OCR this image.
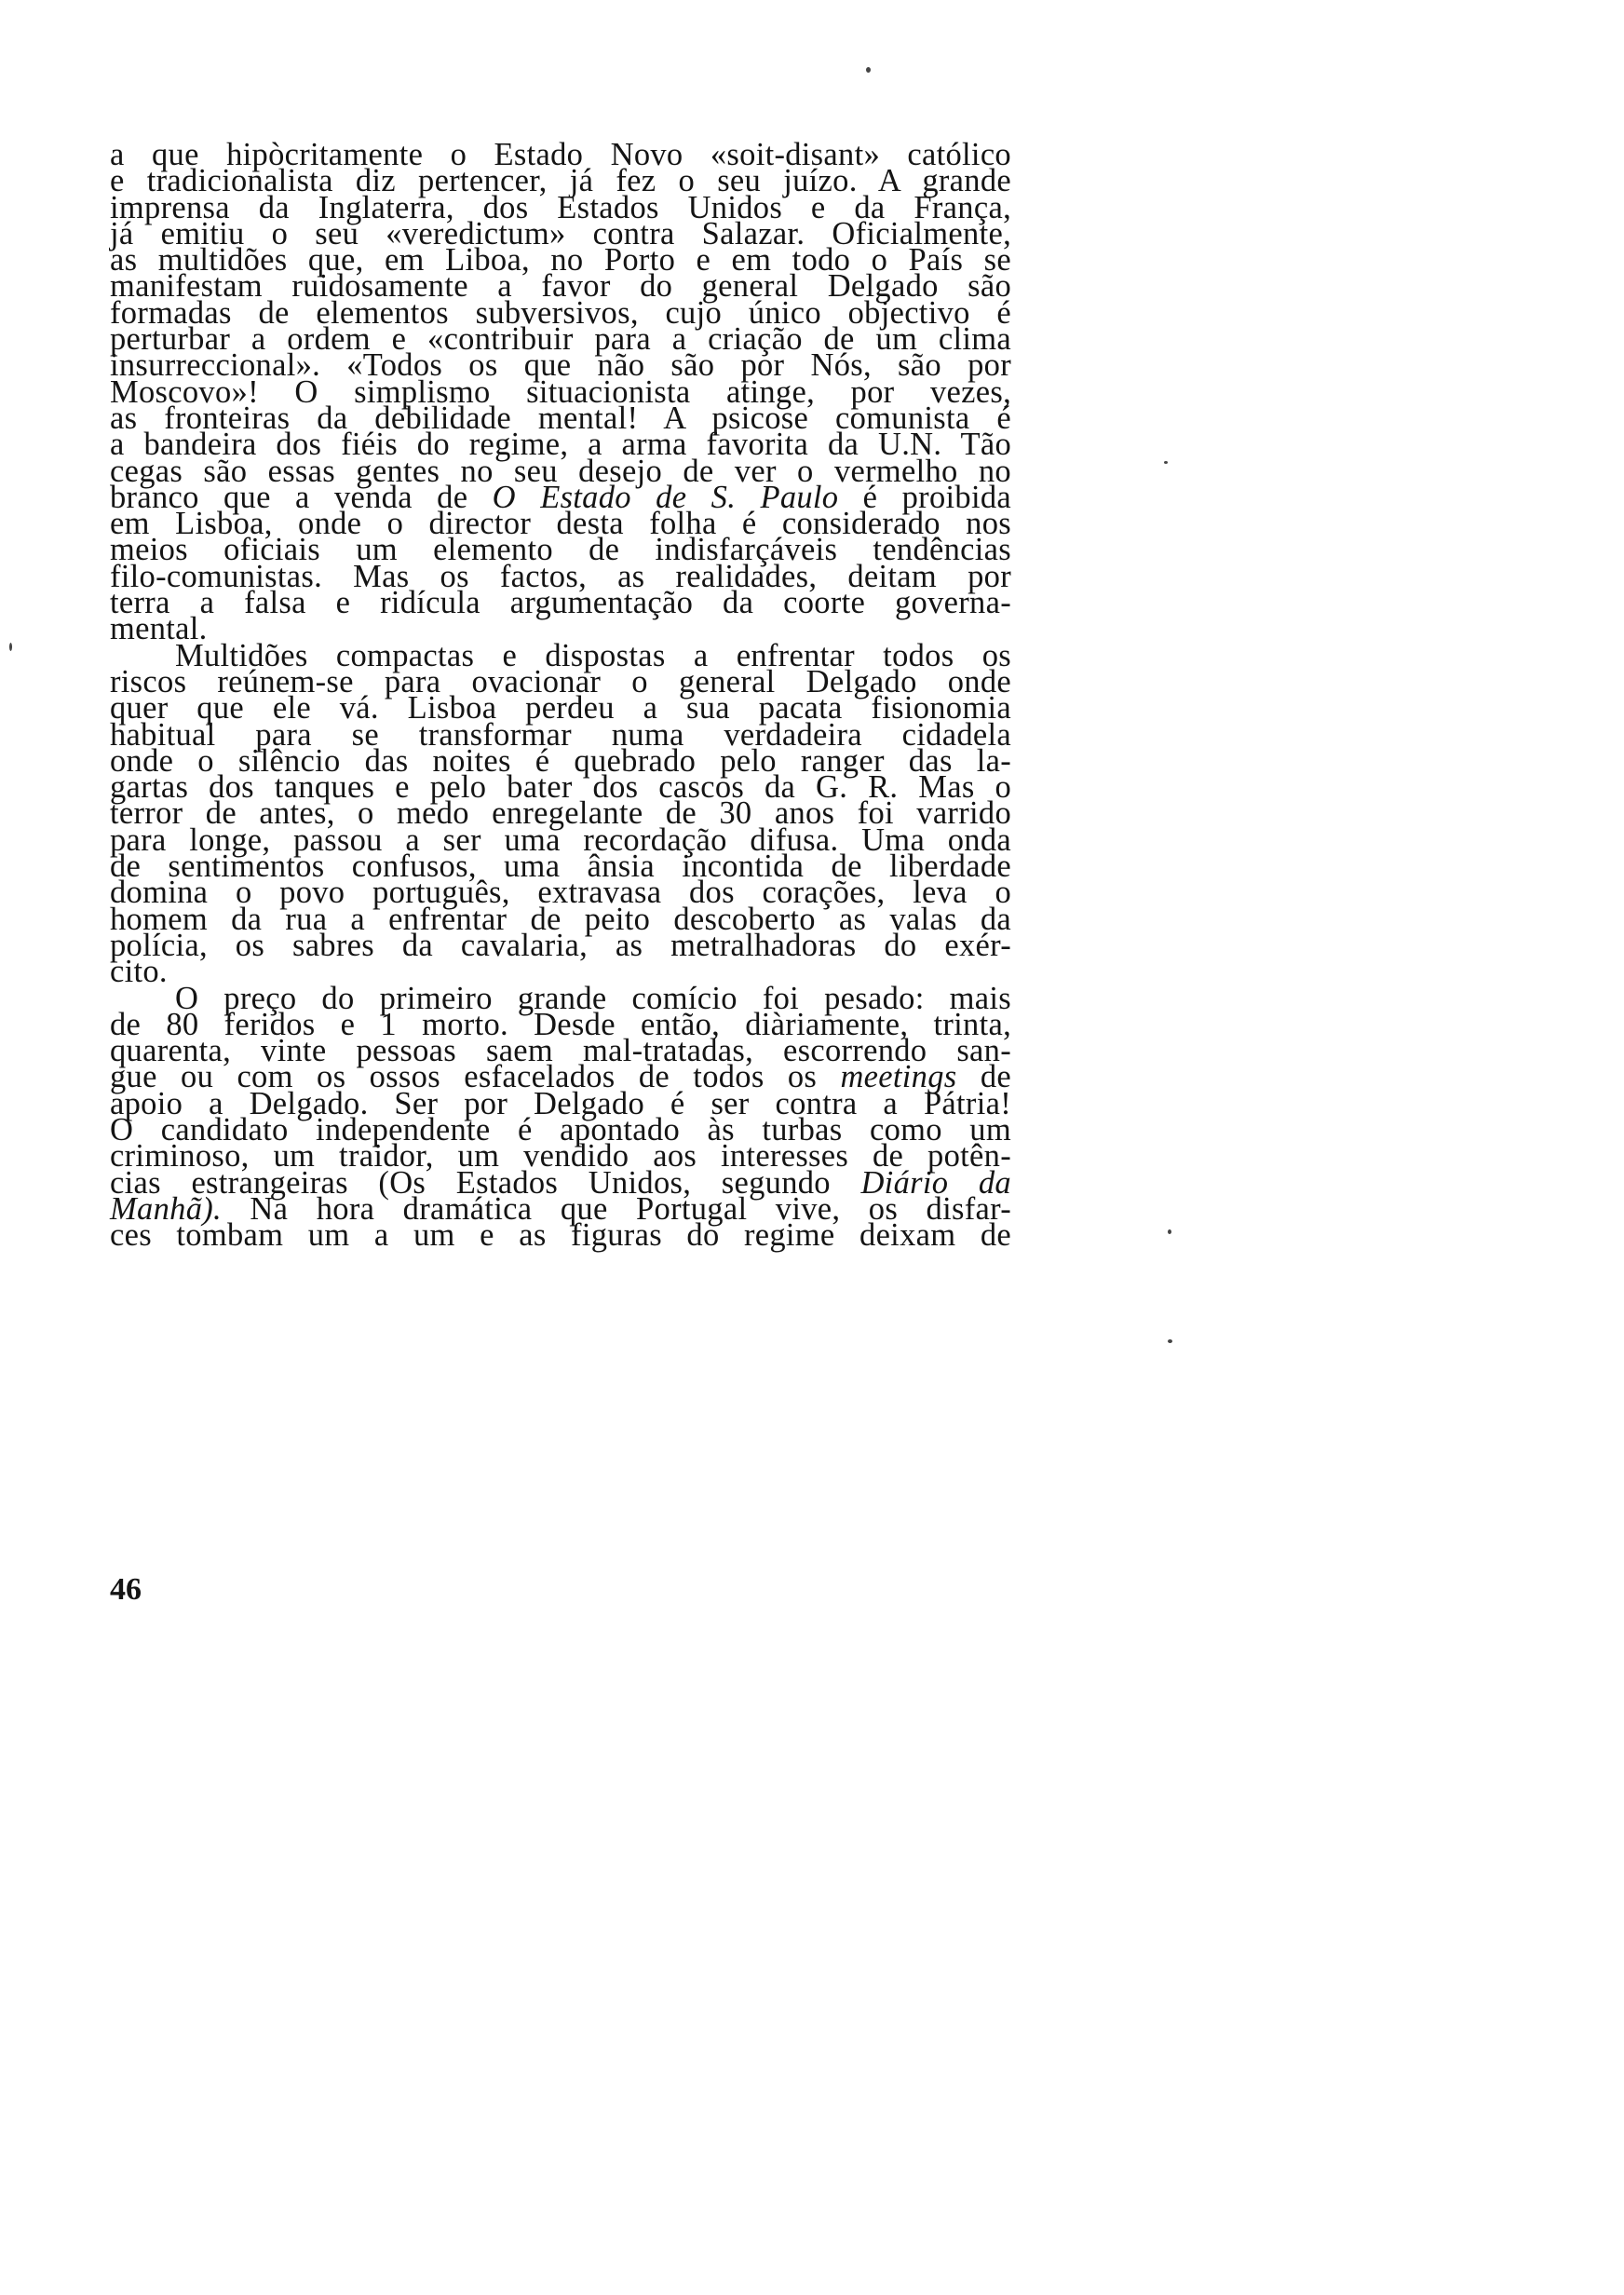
a que hipòcritamente o Estado Novo «soit-disant» católico
e tradicionalista diz pertencer, já fez o seu juízo. A grande
imprensa da Inglaterra, dos Estados Unidos e da França,
já emitiu o seu «veredictum» contra Salazar. Oficialmente,
as multidões que, em Liboa, no Porto e em todo o País se
manifestam ruidosamente a favor do general Delgado são
formadas de elementos subversivos, cujo único objectivo é
perturbar a ordem e «contribuir para a criação de um clima
insurreccional». «Todos os que não são por Nós, são por
Moscovo»! O simplismo situacionista atinge, por vezes,
as fronteiras da debilidade mental! A psicose comunista é
a bandeira dos fiéis do regime, a arma favorita da U.N. Tão
cegas são essas gentes no seu desejo de ver o vermelho no
branco que a venda de O Estado de S. Paulo é proibida
em Lisboa, onde o director desta folha é considerado nos
meios oficiais um elemento de indisfarçáveis tendências
filo-comunistas. Mas os factos, as realidades, deitam por
terra a falsa e ridícula argumentação da coorte governa-
mental.
Multidões compactas e dispostas a enfrentar todos os
riscos reúnem-se para ovacionar o general Delgado onde
quer que ele vá. Lisboa perdeu a sua pacata fisionomia
habitual para se transformar numa verdadeira cidadela
onde o silêncio das noites é quebrado pelo ranger das la-
gartas dos tanques e pelo bater dos cascos da G. R. Mas o
terror de antes, o medo enregelante de 30 anos foi varrido
para longe, passou a ser uma recordação difusa. Uma onda
de sentimentos confusos, uma ânsia incontida de liberdade
domina o povo português, extravasa dos corações, leva o
homem da rua a enfrentar de peito descoberto as valas da
polícia, os sabres da cavalaria, as metralhadoras do exér-
cito.
O preço do primeiro grande comício foi pesado: mais
de 80 feridos e 1 morto. Desde então, diàriamente, trinta,
quarenta, vinte pessoas saem mal-tratadas, escorrendo san-
gue ou com os ossos esfacelados de todos os meetings de
apoio a Delgado. Ser por Delgado é ser contra a Pátria!
O candidato independente é apontado às turbas como um
criminoso, um traidor, um vendido aos interesses de potên-
cias estrangeiras (Os Estados Unidos, segundo Diário da
Manhã). Na hora dramática que Portugal vive, os disfar-
ces tombam um a um e as figuras do regime deixam de
46
